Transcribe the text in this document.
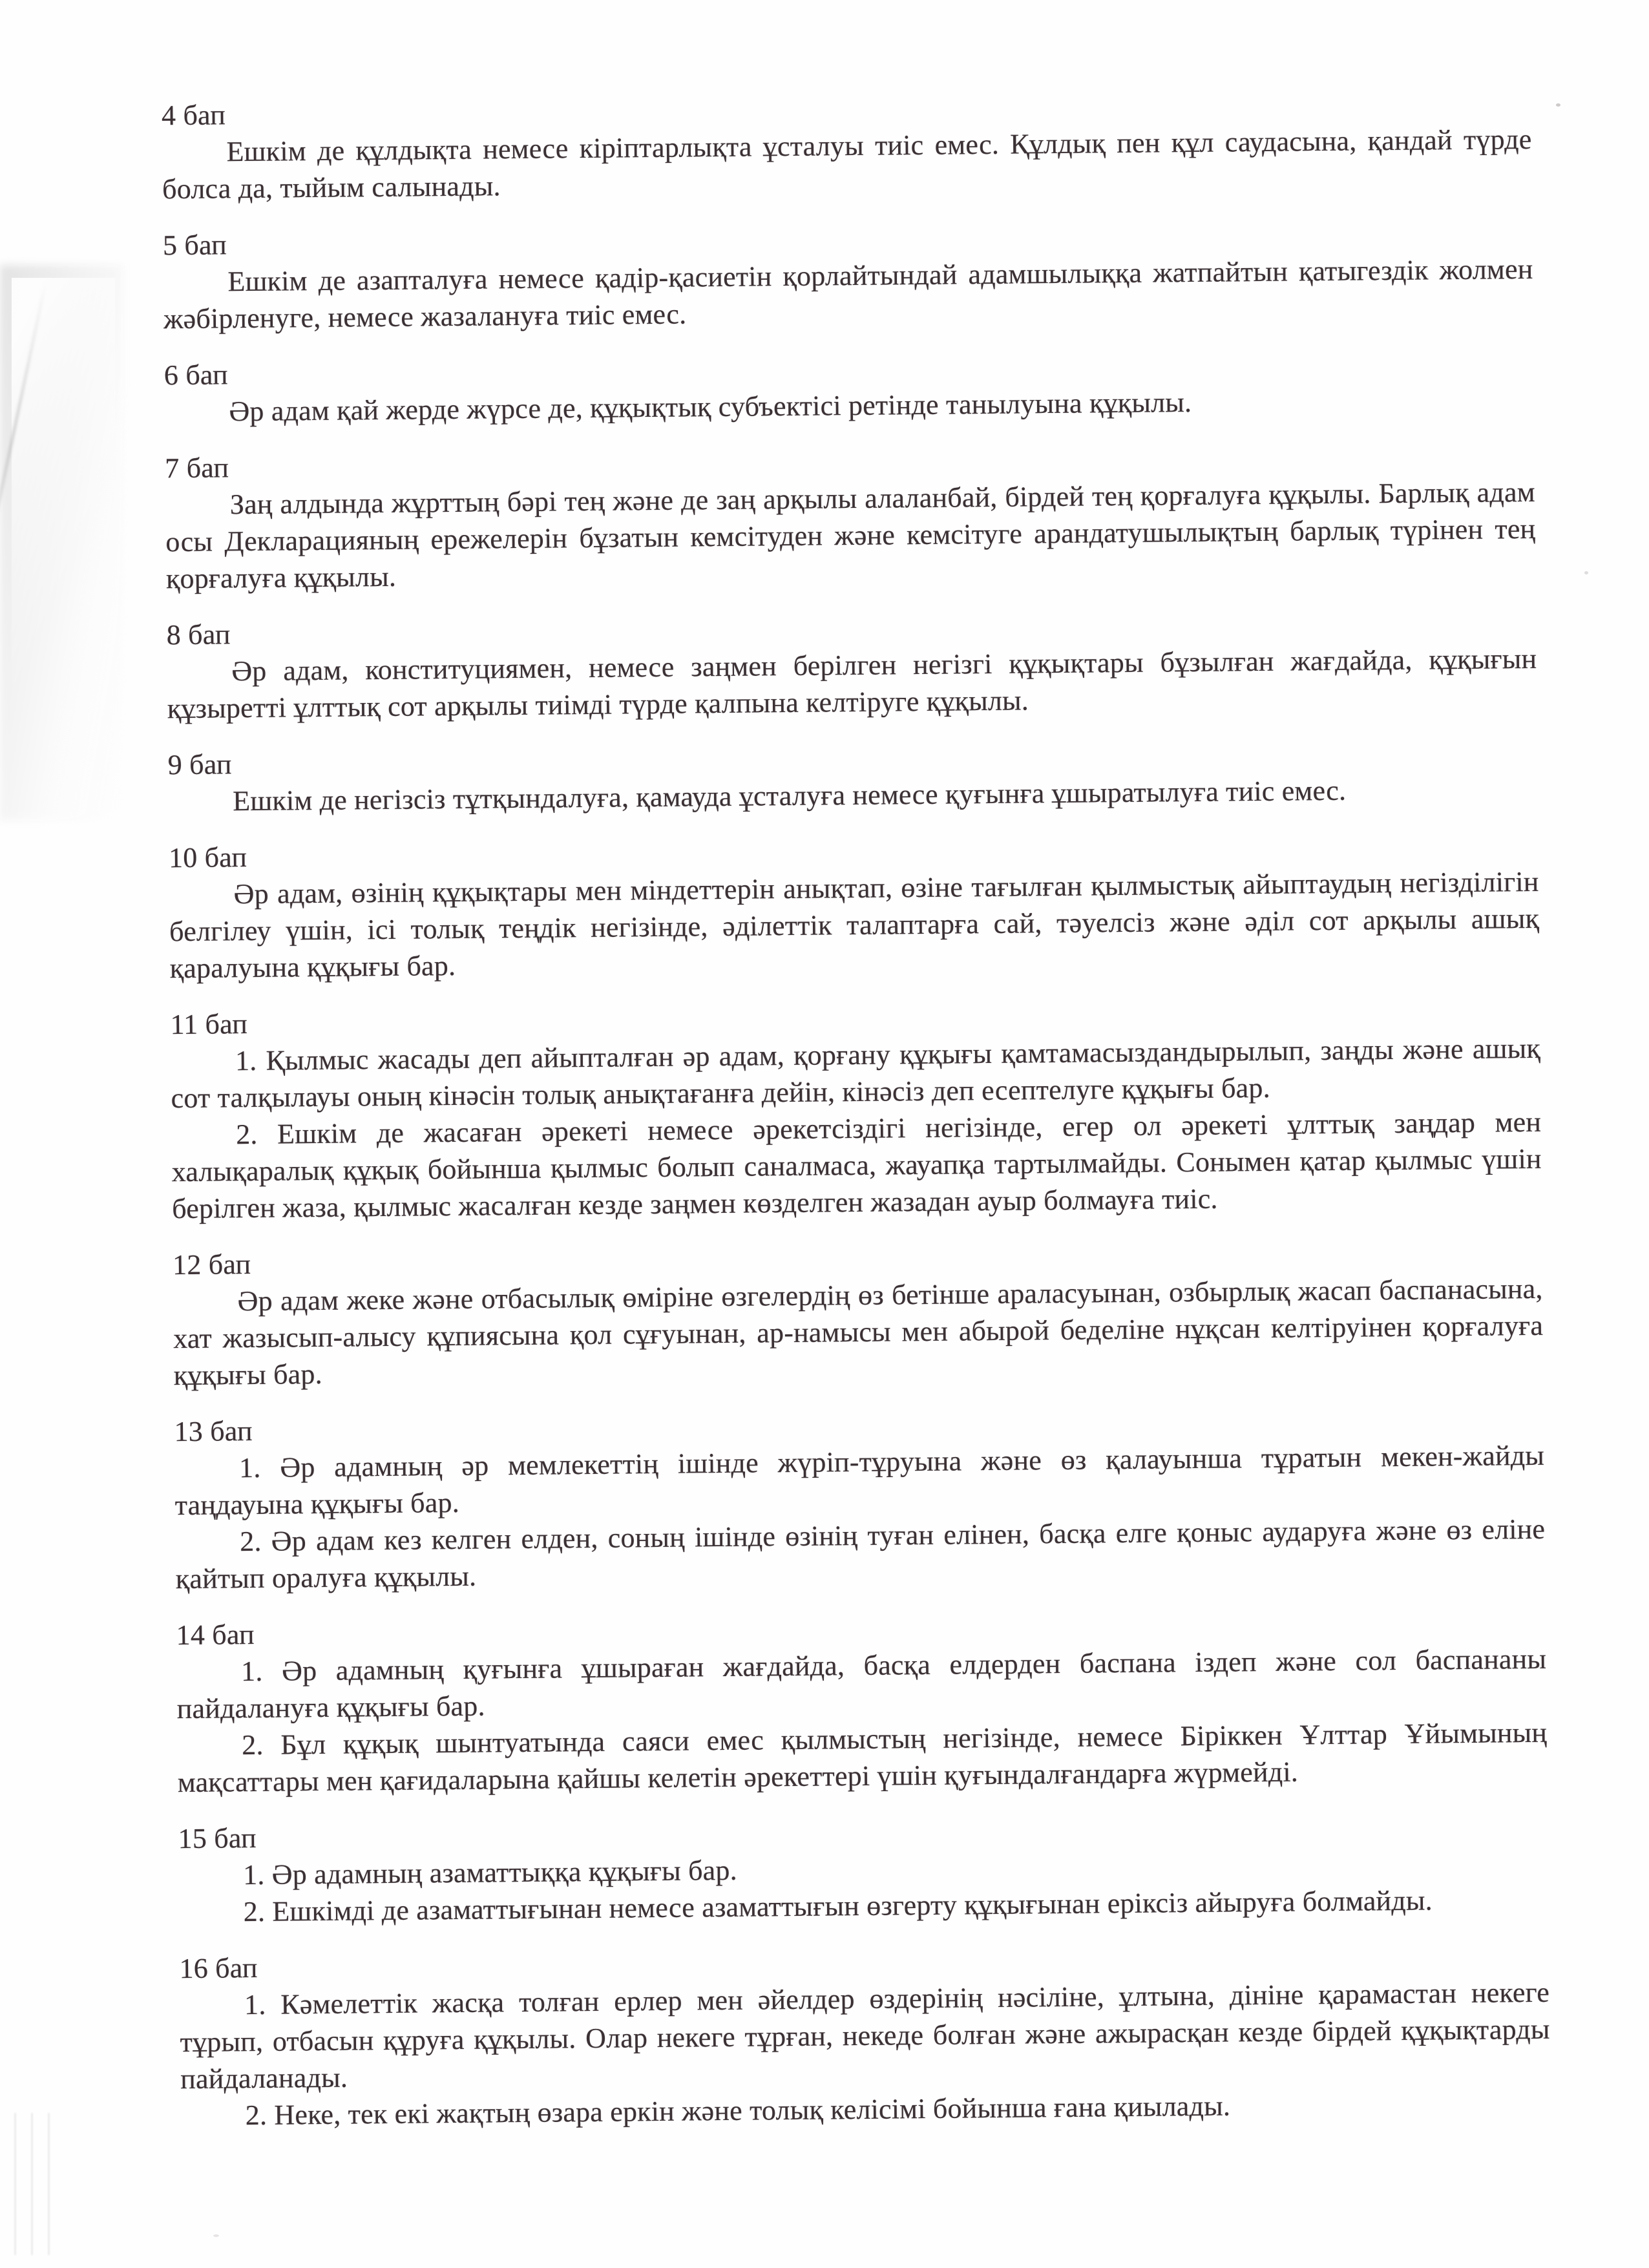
4 бап

Ешкім де құлдықта немесе кіріптарлықта ұсталуы тиіс емес. Құлдық пен құл саудасына, қандай түрде болса да, тыйым салынады.

5 бап

Ешкім де азапталуға немесе қадір-қасиетін қорлайтындай адамшылыққа жатпайтын қатыгездік жолмен жәбірленуге, немесе жазалануға тиіс емес.

6 бап

Әр адам қай жерде жүрсе де, құқықтық субъектісі ретінде танылуына құқылы.

7 бап

Заң алдында жұрттың бәрі тең және де заң арқылы алаланбай, бірдей тең қорғалуға құқылы. Барлық адам осы Декларацияның ережелерін бұзатын кемсітуден және кемсітуге арандатушылықтың барлық түрінен тең қорғалуға құқылы.

8 бап

Әр адам, конституциямен, немесе заңмен берілген негізгі құқықтары бұзылған жағдайда, құқығын құзыретті ұлттық сот арқылы тиімді түрде қалпына келтіруге құқылы.

9 бап

Ешкім де негізсіз тұтқындалуға, қамауда ұсталуға немесе қуғынға ұшыратылуға тиіс емес.

10 бап

Әр адам, өзінің құқықтары мен міндеттерін анықтап, өзіне тағылған қылмыстық айыптаудың негізділігін белгілеу үшін, ісі толық теңдік негізінде, әділеттік талаптарға сай, тәуелсіз және әділ сот арқылы ашық қаралуына құқығы бар.

11 бап

1. Қылмыс жасады деп айыпталған әр адам, қорғану құқығы қамтамасыздандырылып, заңды және ашық сот талқылауы оның кінәсін толық анықтағанға дейін, кінәсіз деп есептелуге құқығы бар.

2. Ешкім де жасаған әрекеті немесе әрекетсіздігі негізінде, егер ол әрекеті ұлттық заңдар мен халықаралық құқық бойынша қылмыс болып саналмаса, жауапқа тартылмайды. Сонымен қатар қылмыс үшін берілген жаза, қылмыс жасалған кезде заңмен көзделген жазадан ауыр болмауға тиіс.

12 бап

Әр адам жеке және отбасылық өміріне өзгелердің өз бетінше араласуынан, озбырлық жасап баспанасына, хат жазысып-алысу құпиясына қол сұғуынан, ар-намысы мен абырой беделіне нұқсан келтіруінен қорғалуға құқығы бар.

13 бап

1. Әр адамның әр мемлекеттің ішінде жүріп-тұруына және өз қалауынша тұратын мекен-жайды таңдауына құқығы бар.

2. Әр адам кез келген елден, соның ішінде өзінің туған елінен, басқа елге қоныс аударуға және өз еліне қайтып оралуға құқылы.

14 бап

1. Әр адамның қуғынға ұшыраған жағдайда, басқа елдерден баспана іздеп және сол баспананы пайдалануға құқығы бар.

2. Бұл құқық шынтуатында саяси емес қылмыстың негізінде, немесе Біріккен Ұлттар Ұйымының мақсаттары мен қағидаларына қайшы келетін әрекеттері үшін қуғындалғандарға жүрмейді.

15 бап

1. Әр адамның азаматтыққа құқығы бар.

2. Ешкімді де азаматтығынан немесе азаматтығын өзгерту құқығынан еріксіз айыруға болмайды.

16 бап

1. Кәмелеттік жасқа толған ерлер мен әйелдер өздерінің нәсіліне, ұлтына, дініне қарамастан некеге тұрып, отбасын құруға құқылы. Олар некеге тұрған, некеде болған және ажырасқан кезде бірдей құқықтарды пайдаланады.

2. Неке, тек екі жақтың өзара еркін және толық келісімі бойынша ғана қиылады.
